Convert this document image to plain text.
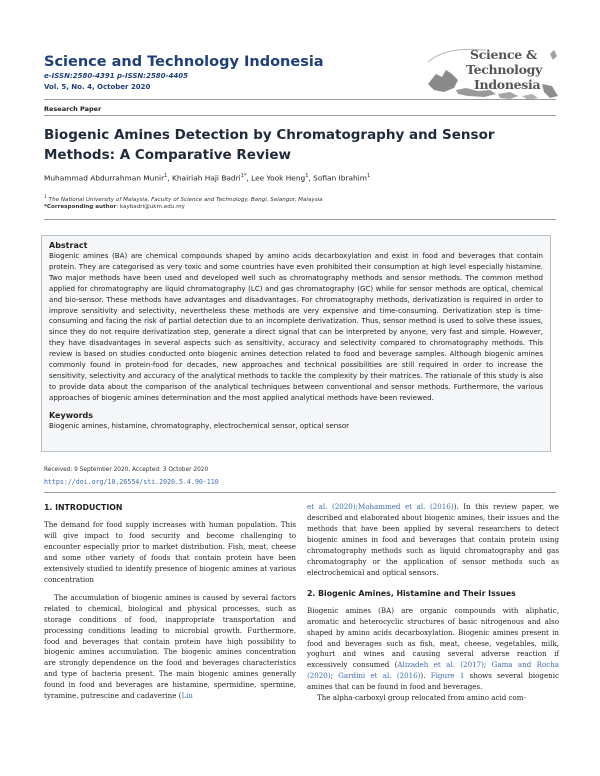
Science and Technology Indonesia
e-ISSN:2580-4391 p-ISSN:2580-4405
Vol. 5, No. 4, October 2020
Science &
Technology
Indonesia
Research Paper
Biogenic Amines Detection by Chromatography and Sensor Methods: A Comparative Review
Muhammad Abdurrahman Munir$^1$, Khairiah Haji Badri$^{1*}$, Lee Yook Heng$^1$, Sofian Ibrahim$^1$
$^1$ The National University of Malaysia, Faculty of Science and Technology, Bangi, Selangor, Malaysia
*Corresponding author: kaybadri@ukm.edu.my

Abstract

Biogenic amines (BA) are chemical compounds shaped by amino acids decarboxylation and exist in food and beverages that contain protein. They are categorised as very toxic and some countries have even prohibited their consumption at high level especially histamine. Two major methods have been used and developed well such as chromatography methods and sensor methods. The common method applied for chromatography are liquid chromatography (LC) and gas chromatography (GC) while for sensor methods are optical, chemical and bio-sensor. These methods have advantages and disadvantages. For chromatography methods, derivatization is required in order to improve sensitivity and selectivity, nevertheless these methods are very expensive and time-consuming. Derivatization step is time-consuming and facing the risk of partial detection due to an incomplete derivatization. Thus, sensor method is used to solve these issues, since they do not require derivatization step, generate a direct signal that can be interpreted by anyone, very fast and simple. However, they have disadvantages in several aspects such as sensitivity, accuracy and selectivity compared to chromatography methods. This review is based on studies conducted onto biogenic amines detection related to food and beverage samples. Although biogenic amines commonly found in protein-food for decades, new approaches and technical possibilities are still required in order to increase the sensitivity, selectivity and accuracy of the analytical methods to tackle the complexity by their matrices. The rationale of this study is also to provide data about the comparison of the analytical techniques between conventional and sensor methods. Furthermore, the various approaches of biogenic amines determination and the most applied analytical methods have been reviewed.

Keywords

Biogenic amines, histamine, chromatography, electrochemical sensor, optical sensor

Received: 9 September 2020, Accepted: 3 October 2020
https://doi.org/10.26554/sti.2020.5.4.90-110

1. INTRODUCTION

The demand for food supply increases with human population. This will give impact to food security and become challenging to encounter especially prior to market distribution. Fish, meat, cheese and some other variety of foods that contain protein have been extensively studied to identify presence of biogenic amines at various concentration

The accumulation of biogenic amines is caused by several factors related to chemical, biological and physical processes, such as storage conditions of food, inappropriate transportation and processing conditions leading to microbial growth. Furthermore, food and beverages that contain protein have high possibility to biogenic amines accumulation. The biogenic amines concentration are strongly dependence on the food and beverages characteristics and type of bacteria present. The main biogenic amines generally found in food and beverages are histamine, spermidine, spermine, tyramine, putrescine and cadaverine (Liu

et al. (2020);Mohammed et al. (2016)). In this review paper, we described and elaborated about biogenic amines, their issues and the methods that have been applied by several researchers to detect biogenic amines in food and beverages that contain protein using chromatography methods such as liquid chromatography and gas chromatography or the application of sensor methods such as electrochemical and optical sensors.

2. Biogenic Amines, Histamine and Their Issues

Biogenic amines (BA) are organic compounds with aliphatic, aromatic and heterocyclic structures of basic nitrogenous and also shaped by amino acids decarboxylation. Biogenic amines present in food and beverages such as fish, meat, cheese, vegetables, milk, yoghurt and wines and causing several adverse reaction if excessively consumed (Alizadeh et al. (2017); Gama and Rocha (2020); Gardini et al. (2016)). Figure 1 shows several biogenic amines that can be found in food and beverages.

The alpha-carboxyl group relocated from amino acid com-
